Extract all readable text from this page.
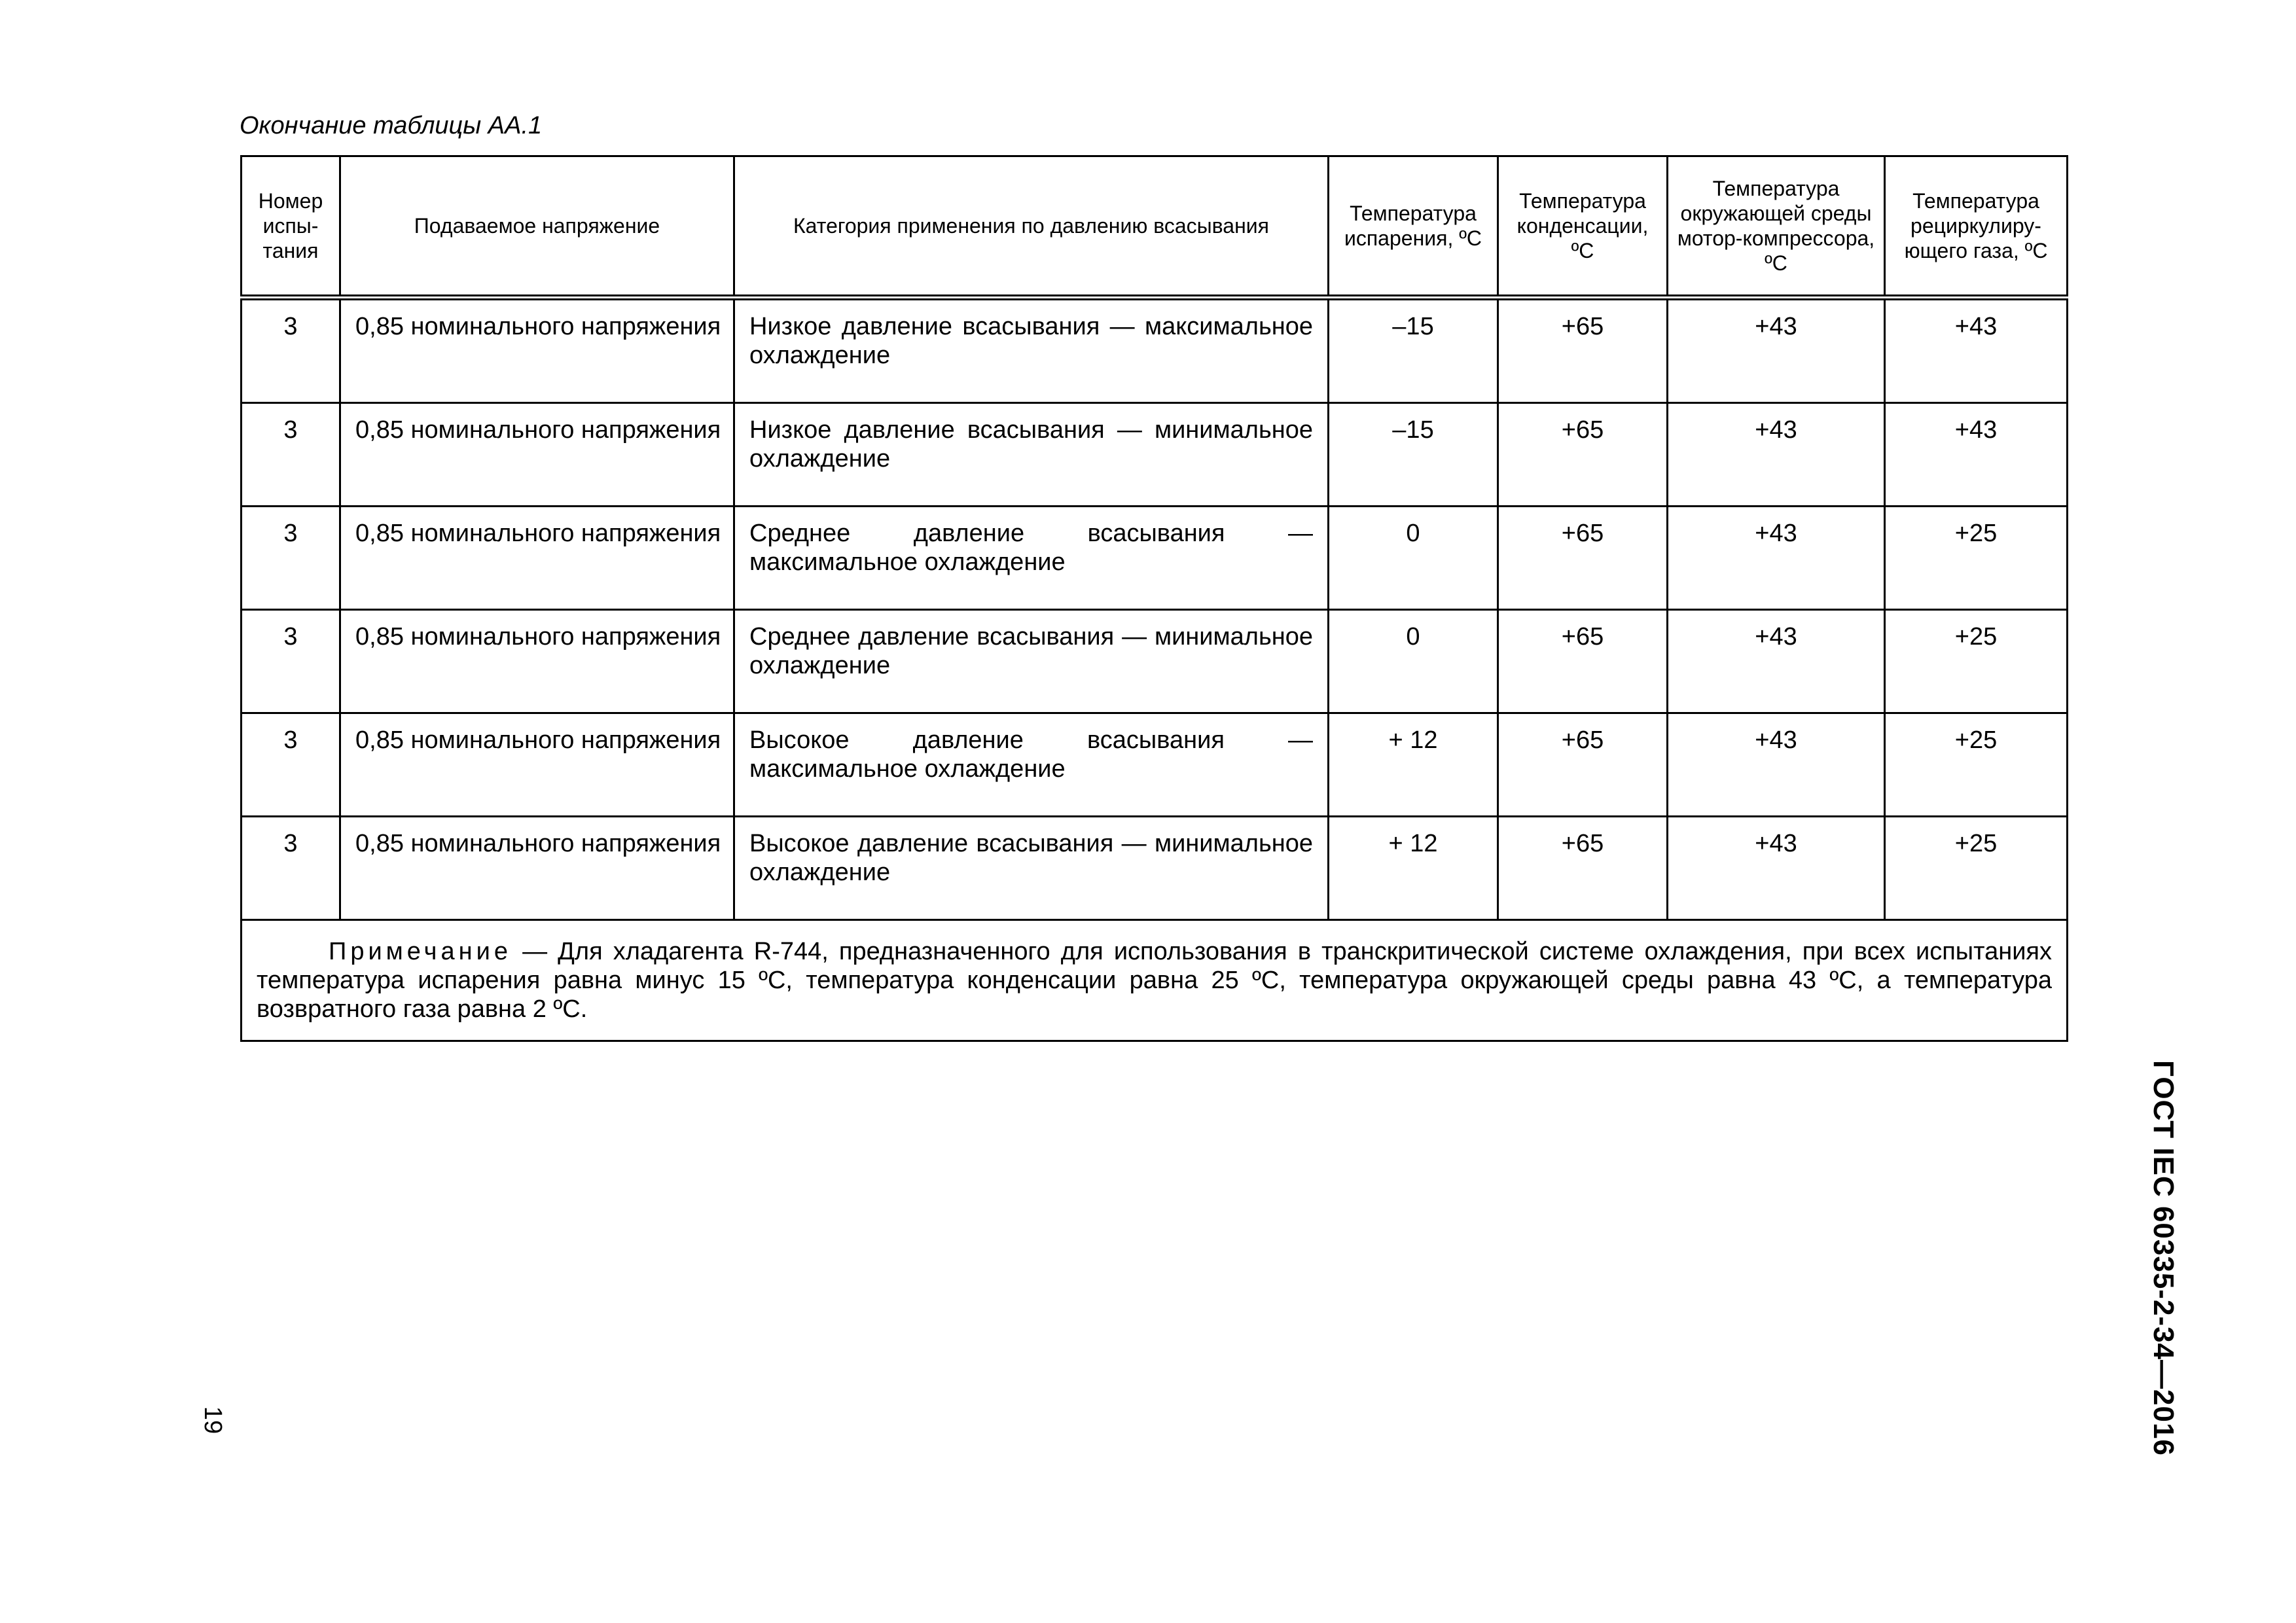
Окончание таблицы АА.1
Номер испы-тания	Подаваемое напряжение	Категория применения по давлению всасывания	Температура испарения, ºС	Температура конденсации, ºС	Температура окружающей среды мотор-компрессора, ºС	Температура рециркулиру-ющего газа, ºС
3	0,85 номинального напряжения	Низкое давление всасывания — максимальное охлаждение	–15	+65	+43	+43
3	0,85 номинального напряжения	Низкое давление всасывания — минимальное охлаждение	–15	+65	+43	+43
3	0,85 номинального напряжения	Среднее давление всасывания — максимальное охлаждение	0	+65	+43	+25
3	0,85 номинального напряжения	Среднее давление всасывания — минимальное охлаждение	0	+65	+43	+25
3	0,85 номинального напряжения	Высокое давление всасывания — максимальное охлаждение	+ 12	+65	+43	+25
3	0,85 номинального напряжения	Высокое давление всасывания — минимальное охлаждение	+ 12	+65	+43	+25
Примечание — Для хладагента R-744, предназначенного для использования в транскритической системе охлаждения, при всех испытаниях температура испарения равна минус 15 ºС, температура конденсации равна 25 ºС, температура окружающей среды равна 43 ºС, а температура возвратного газа равна 2 ºС.						
19	ГОСТ IEC 60335-2-34—2016
